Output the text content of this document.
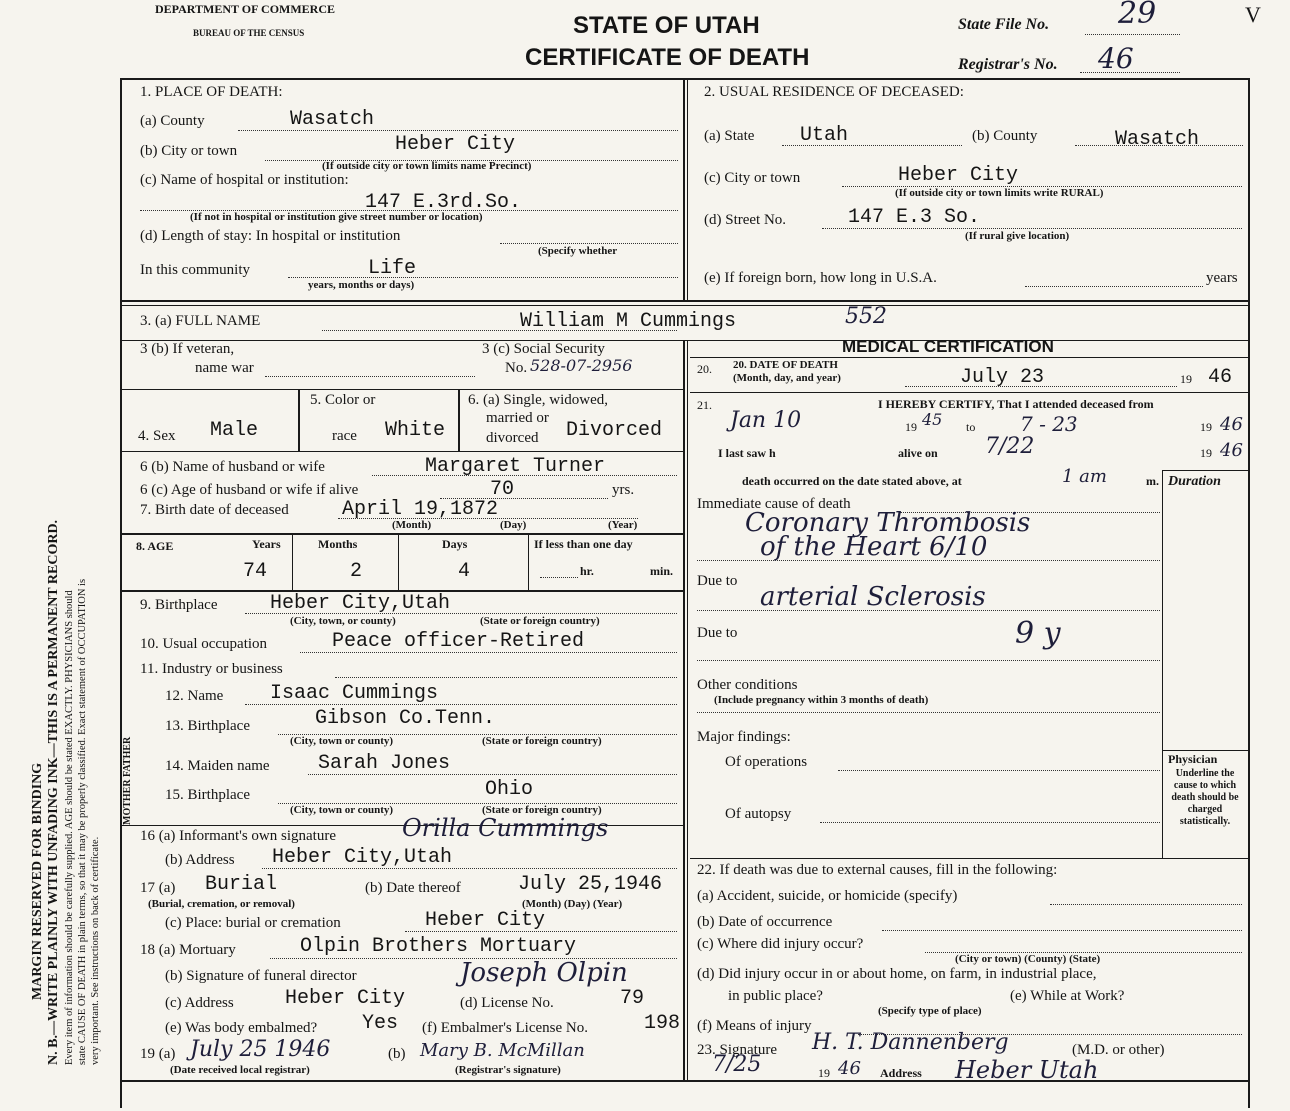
DEPARTMENT OF COMMERCE
BUREAU OF THE CENSUS	STATE OF UTAH
CERTIFICATE OF DEATH
State File No. 29
Registrar's No. 46
V
MARGIN RESERVED FOR BINDING N. B.—WRITE PLAINLY WITH UNFADING INK—THIS IS A PERMANENT RECORD. Every item of information should be carefully supplied. AGE should be stated EXACTLY. PHYSICIANS should state CAUSE OF DEATH in plain terms, so that it may be properly classified. Exact statement of OCCUPATION is very important. See instructions on back of certificate.
MOTHER FATHER
1. PLACE OF DEATH:
(a) County	Wasatch
(b) City or town	Heber City
(If outside city or town limits name Precinct)
(c) Name of hospital or institution:
147 E.3rd.So.
(If not in hospital or institution give street number or location)
(d) Length of stay: In hospital or institution
(Specify whether
In this community	Life
years, months or days)
2. USUAL RESIDENCE OF DECEASED:
(a) State Utah	(b) County	Wasatch
(c) City or town	Heber City
(If outside city or town limits write RURAL)
(d) Street No.	147 E.3 So.
(If rural give location)
(e) If foreign born, how long in U.S.A.	years
3. (a) FULL NAME	William M Cummings	552
3 (b) If veteran,
name war
3 (c) Social Security
No. 528-07-2956
4. Sex Male
5. Color or
race White
6. (a) Single, widowed,
married or
divorced Divorced
6 (b) Name of husband or wife	Margaret Turner
6 (c) Age of husband or wife if alive	70	yrs.
7. Birth date of deceased	April 19,1872
(Month)	(Day)	(Year)
8. AGE	Years	Months	Days	If less than one day
74	2	4
	hr.	min.
9. Birthplace	Heber City,Utah
(City, town, or county)	(State or foreign country)
10. Usual occupation	Peace officer-Retired
11. Industry or business
12. Name Isaac Cummings
13. Birthplace	Gibson Co.Tenn.
(City, town or county)	(State or foreign country)
14. Maiden name Sarah Jones
15. Birthplace	Ohio
(City, town or county)	(State or foreign country)
16 (a) Informant's own signature	Orilla Cummings
(b) Address Heber City,Utah
17 (a) Burial
(Burial, cremation, or removal)
(b) Date thereof	July 25,1946
(Month) (Day) (Year)
(c) Place: burial or cremation	Heber City
18 (a) Mortuary	Olpin Brothers Mortuary
(b) Signature of funeral director	Joseph Olpin
(c) Address	Heber City	(d) License No.	79
(e) Was body embalmed? Yes (f) Embalmer's License No.	198
19 (a) July 25 1946
(Date received local registrar)
(b) Mary B. McMillan
(Registrar's signature)
MEDICAL CERTIFICATION
20. 20. DATE OF DEATH
(Month, day, and year)	July 23	19 46
21.	I HEREBY CERTIFY, That I attended deceased from
Jan 10	19 45 to 7 - 23	19 46
I last saw h	alive on 7/22	19 46
death occurred on the date stated above, at	1 am	m. Duration
Immediate cause of death
Coronary Thrombosis
of the Heart 6/10
Due to
arterial Sclerosis
Due to	9 y
Other conditions
(Include pregnancy within 3 months of death)
Major findings:
Of operations
Of autopsy
Physician
Underline the cause to which death should be charged statistically.
22. If death was due to external causes, fill in the following:
(a) Accident, suicide, or homicide (specify)
(b) Date of occurrence
(c) Where did injury occur?
(City or town) (County) (State)
(d) Did injury occur in or about home, on farm, in industrial place,
in public place?	(e) While at Work?
(Specify type of place)
(f) Means of injury
23. Signature H. T. Dannenberg	(M.D. or other)
7/25	19 46 Address Heber Utah
